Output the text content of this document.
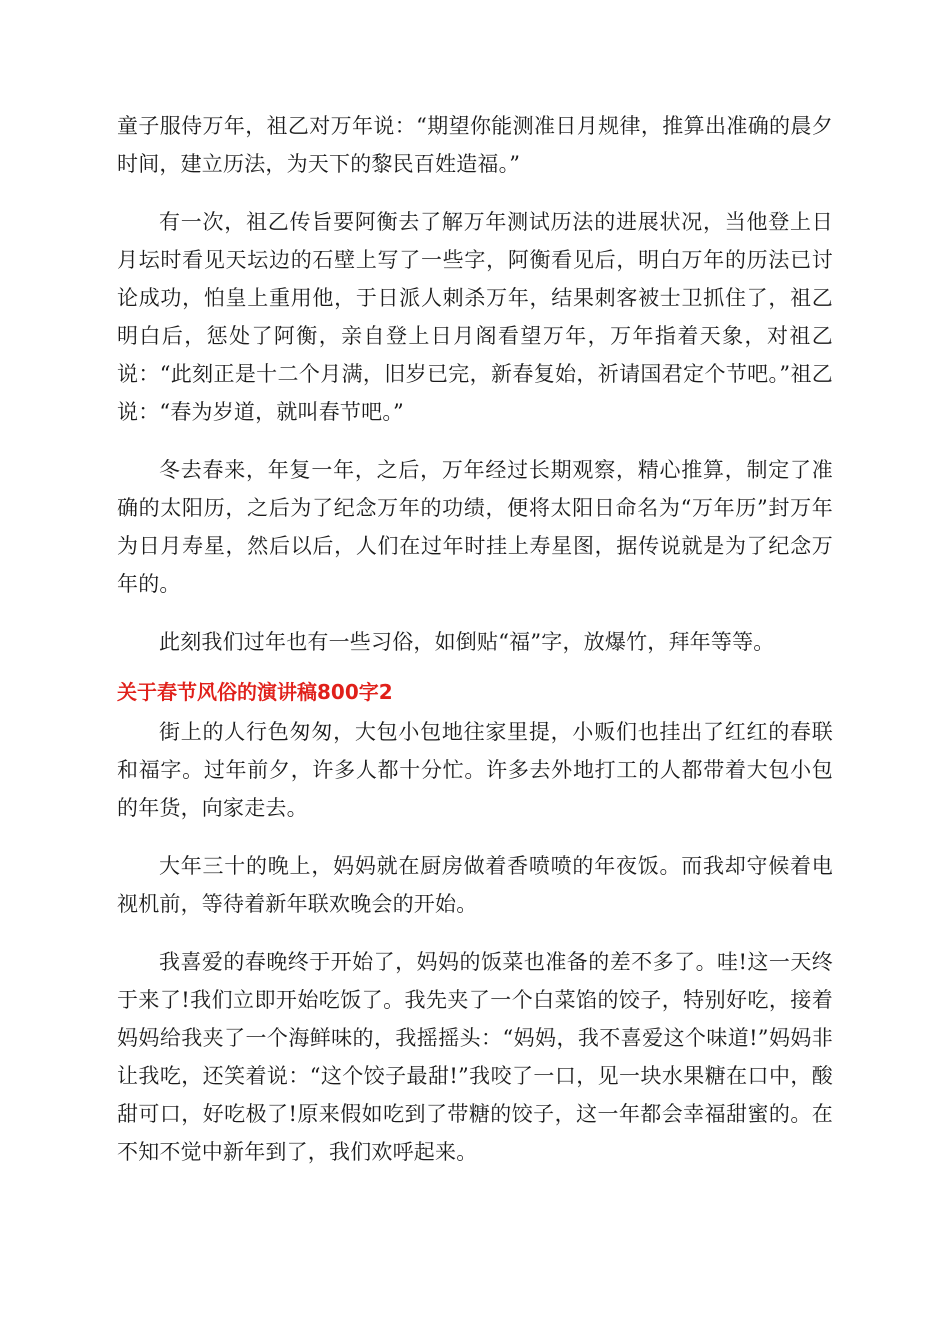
童子服侍万年，祖乙对万年说：“期望你能测准日月规律，推算出准确的晨夕时间，建立历法，为天下的黎民百姓造福。”

有一次，祖乙传旨要阿衡去了解万年测试历法的进展状况，当他登上日月坛时看见天坛边的石壁上写了一些字，阿衡看见后，明白万年的历法已讨论成功，怕皇上重用他，于日派人刺杀万年，结果刺客被士卫抓住了，祖乙明白后，惩处了阿衡，亲自登上日月阁看望万年，万年指着天象，对祖乙说：“此刻正是十二个月满，旧岁已完，新春复始，祈请国君定个节吧。”祖乙说：“春为岁道，就叫春节吧。”

冬去春来，年复一年，之后，万年经过长期观察，精心推算，制定了准确的太阳历，之后为了纪念万年的功绩，便将太阳日命名为“万年历”封万年为日月寿星，然后以后，人们在过年时挂上寿星图，据传说就是为了纪念万年的。

此刻我们过年也有一些习俗，如倒贴“福”字，放爆竹，拜年等等。

关于春节风俗的演讲稿800字2

街上的人行色匆匆，大包小包地往家里提，小贩们也挂出了红红的春联和福字。过年前夕，许多人都十分忙。许多去外地打工的人都带着大包小包的年货，向家走去。

大年三十的晚上，妈妈就在厨房做着香喷喷的年夜饭。而我却守候着电视机前，等待着新年联欢晚会的开始。

我喜爱的春晚终于开始了，妈妈的饭菜也准备的差不多了。哇!这一天终于来了!我们立即开始吃饭了。我先夹了一个白菜馅的饺子，特别好吃，接着妈妈给我夹了一个海鲜味的，我摇摇头：“妈妈，我不喜爱这个味道!”妈妈非让我吃，还笑着说：“这个饺子最甜!”我咬了一口，见一块水果糖在口中，酸甜可口，好吃极了!原来假如吃到了带糖的饺子，这一年都会幸福甜蜜的。在不知不觉中新年到了，我们欢呼起来。
